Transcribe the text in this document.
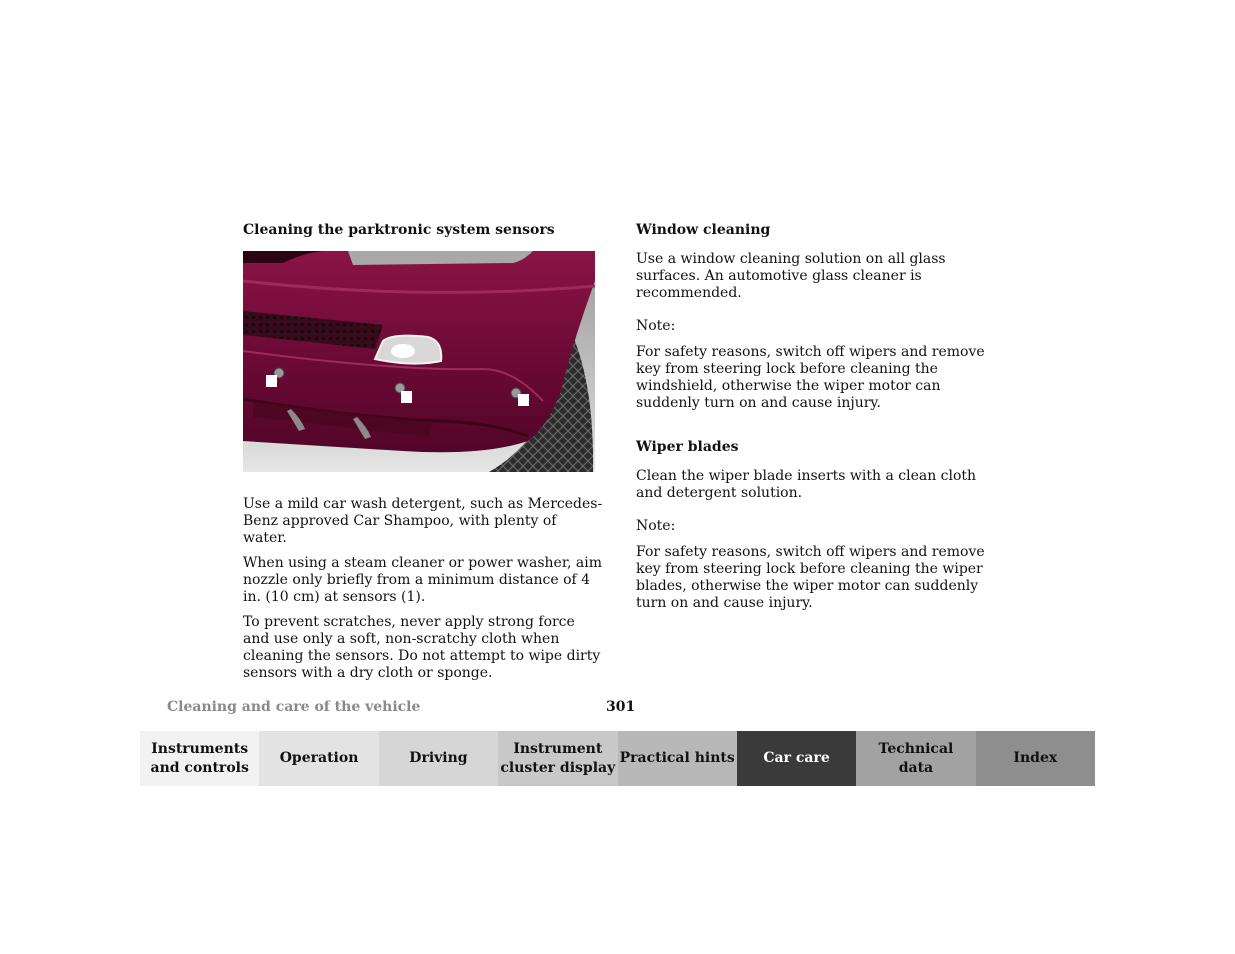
Cleaning the parktronic system sensors

Use a mild car wash detergent, such as Mercedes-Benz approved Car Shampoo, with plenty of water.

When using a steam cleaner or power washer, aim nozzle only briefly from a minimum distance of 4 in. (10 cm) at sensors (1).

To prevent scratches, never apply strong force and use only a soft, non-scratchy cloth when cleaning the sensors. Do not attempt to wipe dirty sensors with a dry cloth or sponge.

Window cleaning

Use a window cleaning solution on all glass surfaces. An automotive glass cleaner is recommended.

Note:

For safety reasons, switch off wipers and remove key from steering lock before cleaning the windshield, otherwise the wiper motor can suddenly turn on and cause injury.

Wiper blades

Clean the wiper blade inserts with a clean cloth and detergent solution.

Note:

For safety reasons, switch off wipers and remove key from steering lock before cleaning the wiper blades, otherwise the wiper motor can suddenly turn on and cause injury.

Cleaning and care of the vehicle	301
Instruments
and controls
Operation	Driving
Instrument
cluster display
Practical hints	Car care
Technical
data
Index
